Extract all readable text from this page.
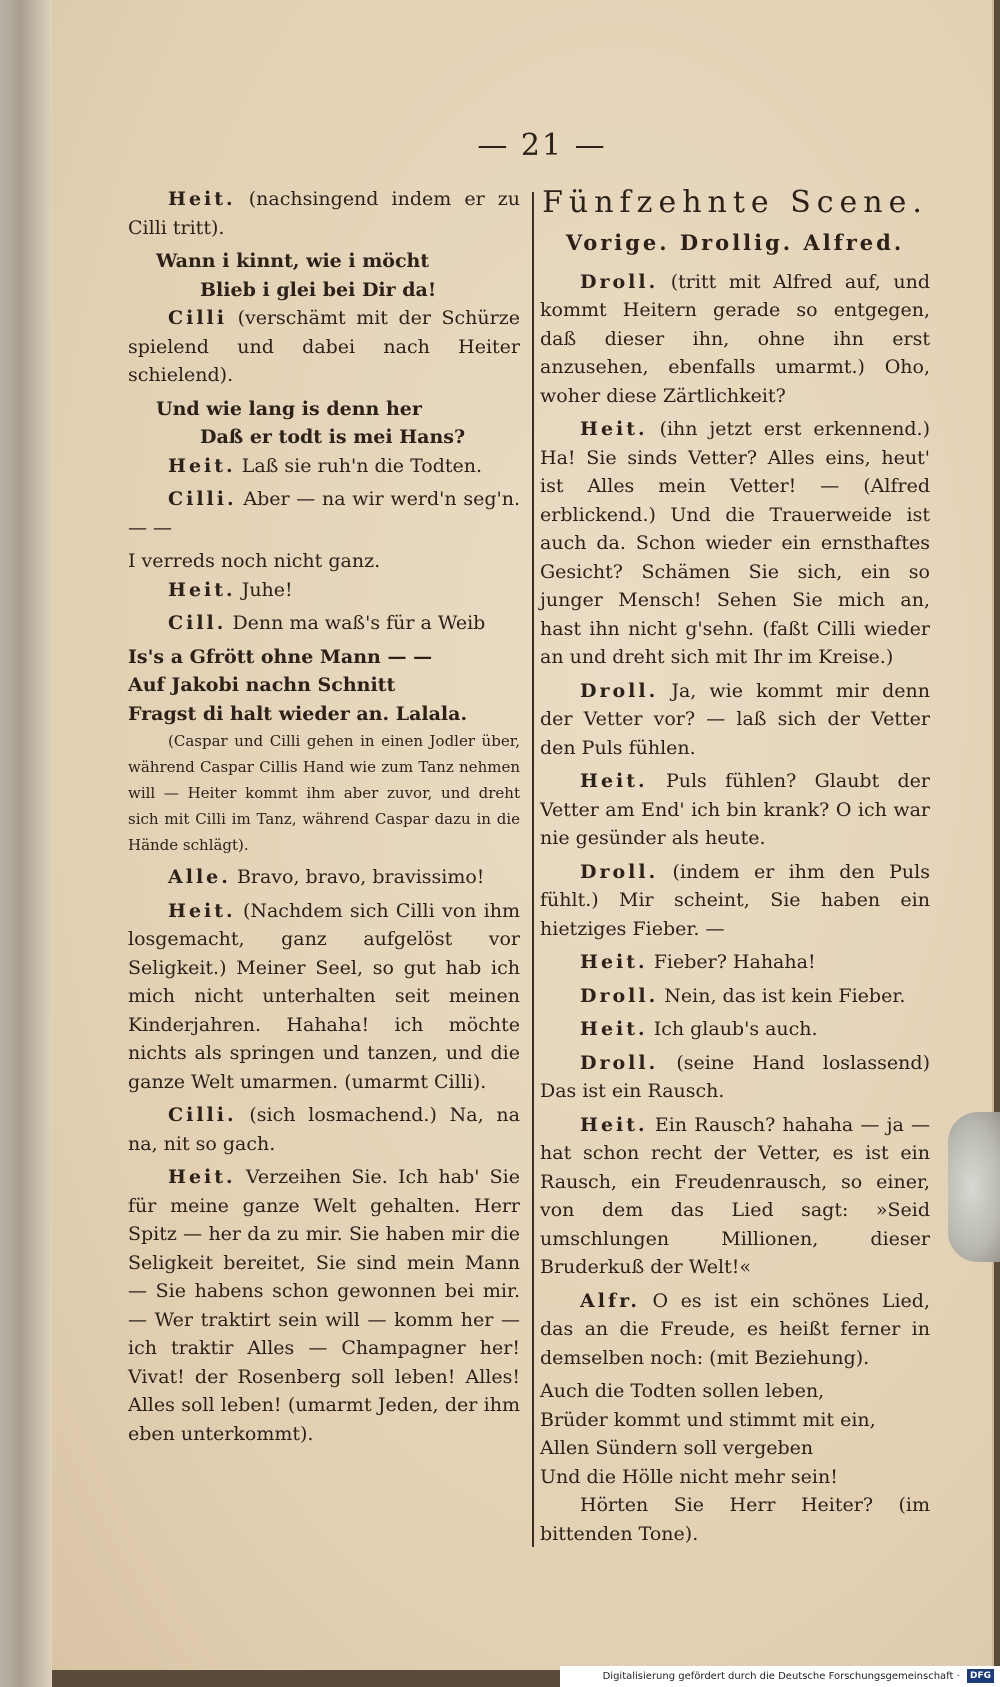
— 21 —
Heit. (nachsingend indem er zu Cilli tritt).
Wann i kinnt, wie i möcht
Blieb i glei bei Dir da!
Cilli (verschämt mit der Schürze spielend und dabei nach Heiter schielend).
Und wie lang is denn her
Daß er todt is mei Hans?
Heit. Laß sie ruh'n die Todten.
Cilli. Aber — na wir werd'n seg'n. — —
I verreds noch nicht ganz.
Heit. Juhe!
Cill. Denn ma waß's für a Weib
Is's a Gfrött ohne Mann — —
Auf Jakobi nachn Schnitt
Fragst di halt wieder an. Lalala.
(Caspar und Cilli gehen in einen Jodler über, während Caspar Cillis Hand wie zum Tanz nehmen will — Heiter kommt ihm aber zuvor, und dreht sich mit Cilli im Tanz, während Caspar dazu in die Hände schlägt).
Alle. Bravo, bravo, bravissimo!
Heit. (Nachdem sich Cilli von ihm losgemacht, ganz aufgelöst vor Seligkeit.) Meiner Seel, so gut hab ich mich nicht unterhalten seit meinen Kinderjahren. Hahaha! ich möchte nichts als springen und tanzen, und die ganze Welt umarmen. (umarmt Cilli).
Cilli. (sich losmachend.) Na, na na, nit so gach.
Heit. Verzeihen Sie. Ich hab' Sie für meine ganze Welt gehalten. Herr Spitz — her da zu mir. Sie haben mir die Seligkeit bereitet, Sie sind mein Mann — Sie habens schon gewonnen bei mir. — Wer traktirt sein will — komm her — ich traktir Alles — Champagner her! Vivat! der Rosenberg soll leben! Alles! Alles soll leben! (umarmt Jeden, der ihm eben unterkommt).
Fünfzehnte Scene.
Vorige. Drollig. Alfred.
Droll. (tritt mit Alfred auf, und kommt Heitern gerade so entgegen, daß dieser ihn, ohne ihn erst anzusehen, ebenfalls umarmt.) Oho, woher diese Zärtlichkeit?
Heit. (ihn jetzt erst erkennend.) Ha! Sie sinds Vetter? Alles eins, heut' ist Alles mein Vetter! — (Alfred erblickend.) Und die Trauerweide ist auch da. Schon wieder ein ernsthaftes Gesicht? Schämen Sie sich, ein so junger Mensch! Sehen Sie mich an, hast ihn nicht g'sehn. (faßt Cilli wieder an und dreht sich mit Ihr im Kreise.)
Droll. Ja, wie kommt mir denn der Vetter vor? — laß sich der Vetter den Puls fühlen.
Heit. Puls fühlen? Glaubt der Vetter am End' ich bin krank? O ich war nie gesünder als heute.
Droll. (indem er ihm den Puls fühlt.) Mir scheint, Sie haben ein hietziges Fieber. —
Heit. Fieber? Hahaha!
Droll. Nein, das ist kein Fieber.
Heit. Ich glaub's auch.
Droll. (seine Hand loslassend) Das ist ein Rausch.
Heit. Ein Rausch? hahaha — ja — hat schon recht der Vetter, es ist ein Rausch, ein Freudenrausch, so einer, von dem das Lied sagt: »Seid umschlungen Millionen, dieser Bruderkuß der Welt!«
Alfr. O es ist ein schönes Lied, das an die Freude, es heißt ferner in demselben noch: (mit Beziehung).
Auch die Todten sollen leben,
Brüder kommt und stimmt mit ein,
Allen Sündern soll vergeben
Und die Hölle nicht mehr sein!
Hörten Sie Herr Heiter? (im bittenden Tone).
Digitalisierung gefördert durch die Deutsche Forschungsgemeinschaft · DFG
